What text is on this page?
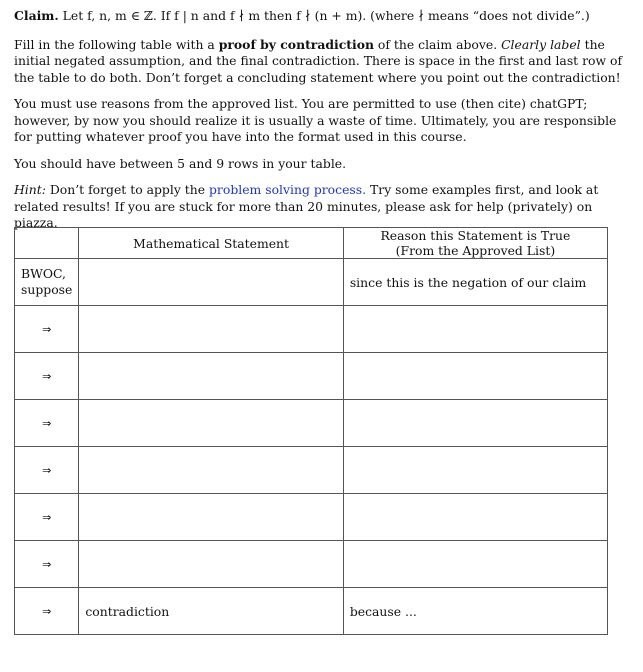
Claim. Let f, n, m ∈ ℤ. If f | n and f ∤ m then f ∤ (n + m). (where ∤ means “does not divide”.)

Fill in the following table with a proof by contradiction of the claim above. Clearly label the initial negated assumption, and the final contradiction. There is space in the first and last row of the table to do both. Don’t forget a concluding statement where you point out the contradiction!

You must use reasons from the approved list. You are permitted to use (then cite) chatGPT; however, by now you should realize it is usually a waste of time. Ultimately, you are responsible for putting whatever proof you have into the format used in this course.

You should have between 5 and 9 rows in your table.

Hint: Don’t forget to apply the problem solving process. Try some examples first, and look at related results! If you are stuck for more than 20 minutes, please ask for help (privately) on piazza.

	Mathematical Statement	Reason this Statement is True
(From the Approved List)

BWOC,
suppose		since this is the negation of our claim
⇒		
⇒		
⇒		
⇒		
⇒		
⇒		
⇒	contradiction	because ...
